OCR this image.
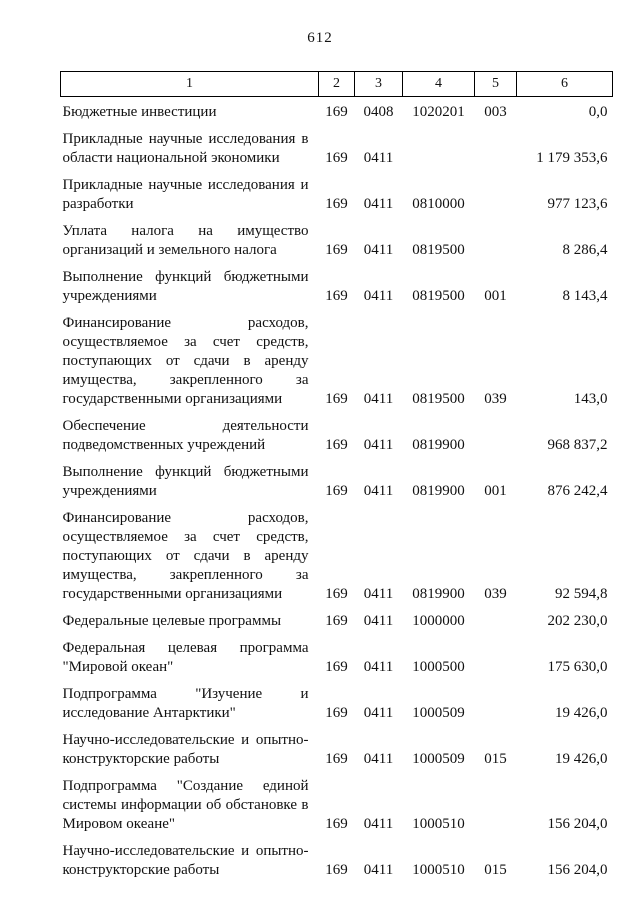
612
1	2	3	4	5	6
Бюджетные инвестиции	169	0408	1020201	003	0,0
Прикладные научные исследования в области национальной экономики	169	0411			1 179 353,6
Прикладные научные исследования и разработки	169	0411	0810000		977 123,6
Уплата налога на имущество организаций и земельного налога	169	0411	0819500		8 286,4
Выполнение функций бюджетными учреждениями	169	0411	0819500	001	8 143,4
Финансирование расходов, осуществляемое за счет средств, поступающих от сдачи в аренду имущества, закрепленного за государственными организациями	169	0411	0819500	039	143,0
Обеспечение деятельности подведомственных учреждений	169	0411	0819900		968 837,2
Выполнение функций бюджетными учреждениями	169	0411	0819900	001	876 242,4
Финансирование расходов, осуществляемое за счет средств, поступающих от сдачи в аренду имущества, закрепленного за государственными организациями	169	0411	0819900	039	92 594,8
Федеральные целевые программы	169	0411	1000000		202 230,0
Федеральная целевая программа "Мировой океан"	169	0411	1000500		175 630,0
Подпрограмма "Изучение и исследование Антарктики"	169	0411	1000509		19 426,0
Научно-исследовательские и опытно-конструкторские работы	169	0411	1000509	015	19 426,0
Подпрограмма "Создание единой системы информации об обстановке в Мировом океане"	169	0411	1000510		156 204,0
Научно-исследовательские и опытно-конструкторские работы	169	0411	1000510	015	156 204,0
